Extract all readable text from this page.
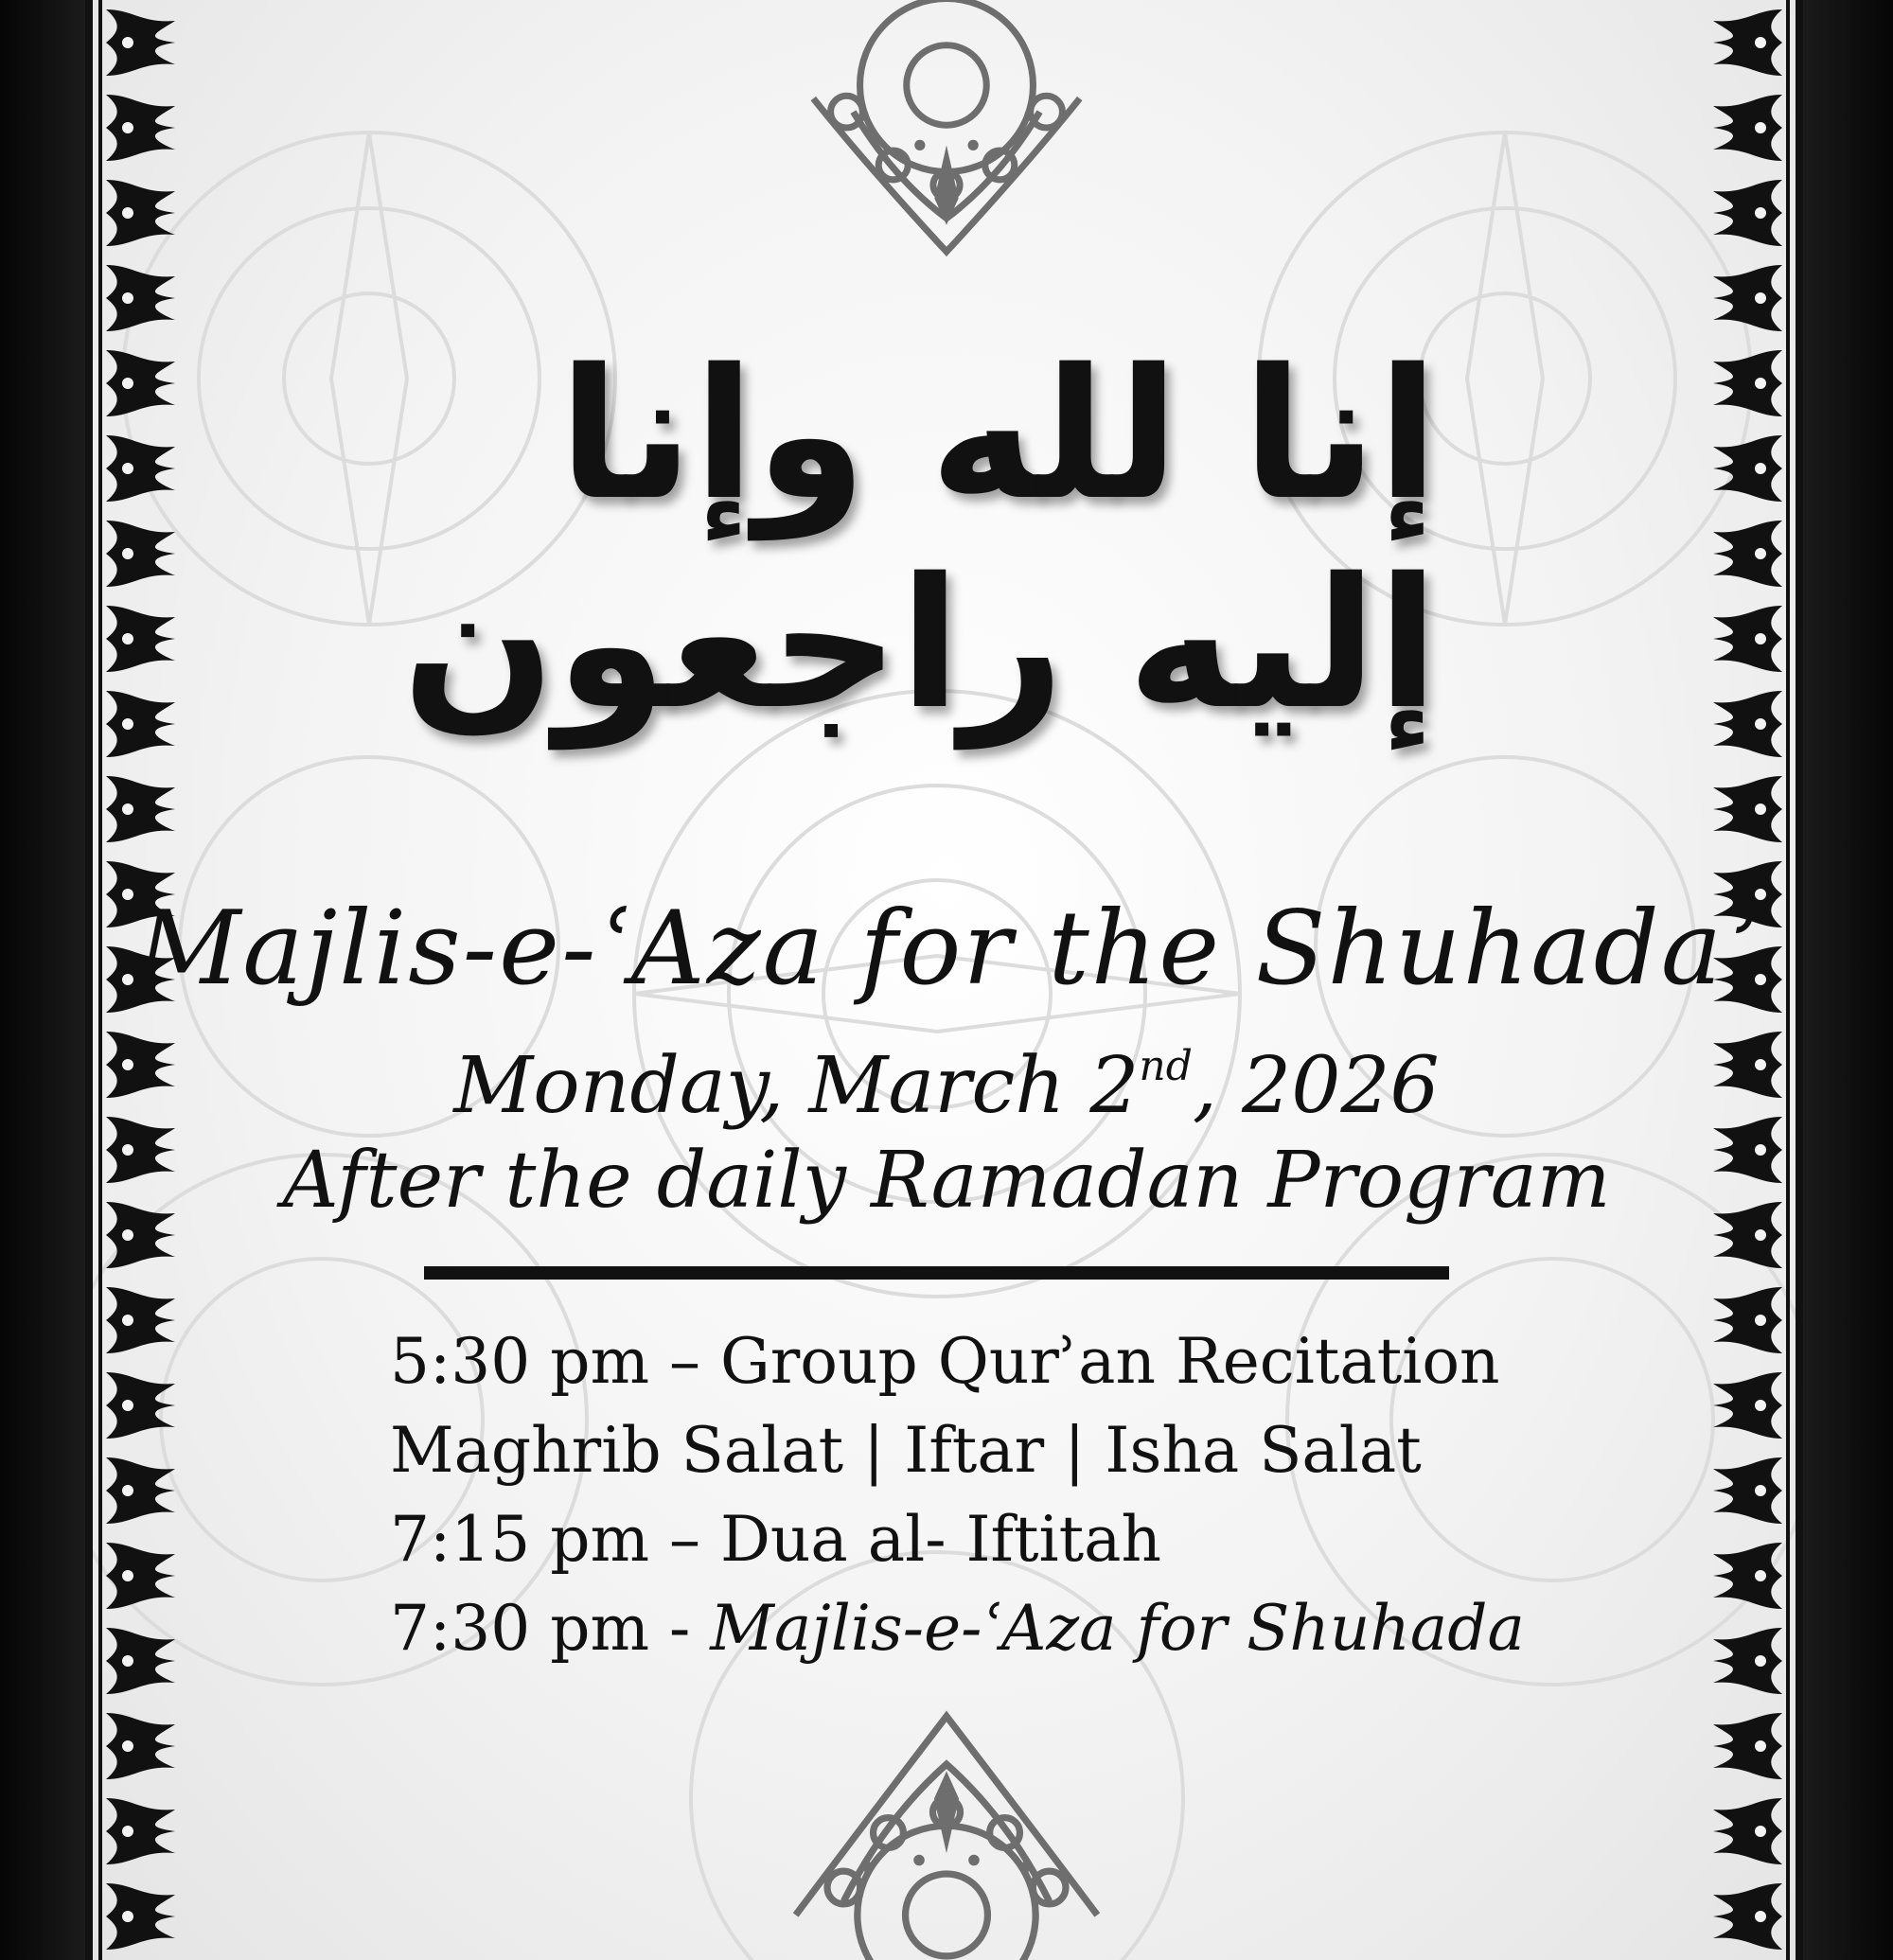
إنا لله وإنا إليه راجعون
Majlis-e-ʿAza for the Shuhadaʾ
Monday, March 2nd, 2026
After the daily Ramadan Program
5:30 pm – Group Qurʾan Recitation
Maghrib Salat | Iftar | Isha Salat
7:15 pm – Dua al- Iftitah
7:30 pm - Majlis-e-ʿAza for Shuhada
